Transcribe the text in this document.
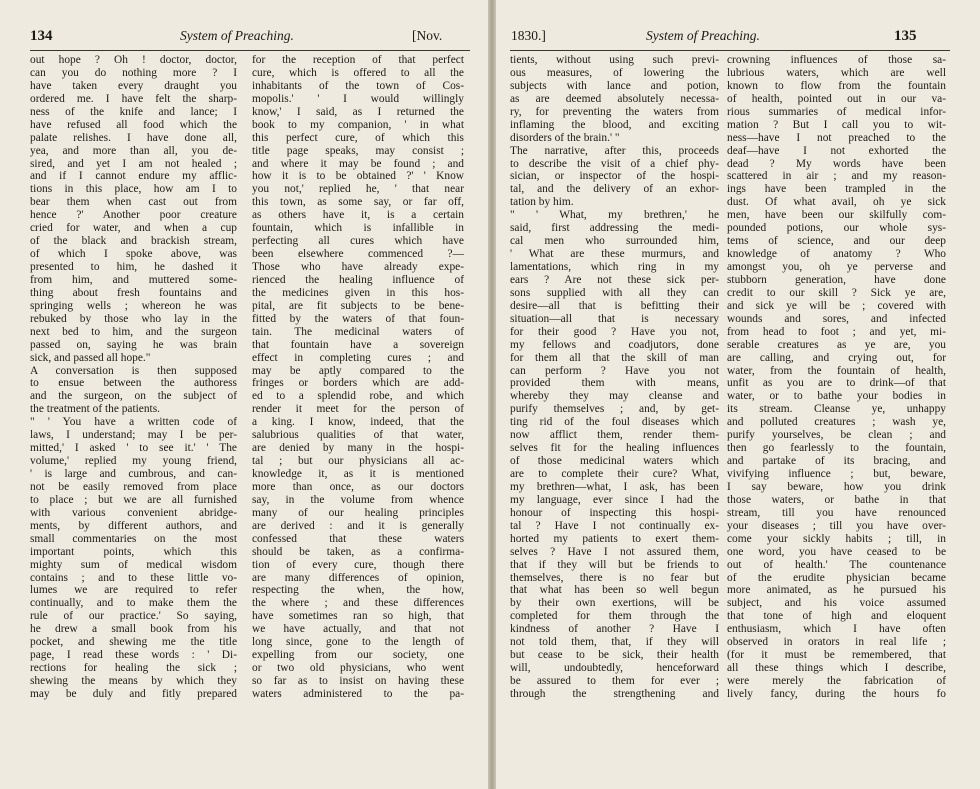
134	System of Preaching.	[Nov.
out hope ? Oh ! doctor, doctor,
can you do nothing more ? I
have taken every draught you
ordered me. I have felt the sharp-
ness of the knife and lance; I
have refused all food which the
palate relishes. I have done all,
yea, and more than all, you de-
sired, and yet I am not healed ;
and if I cannot endure my afflic-
tions in this place, how am I to
bear them when cast out from
hence ?' Another poor creature
cried for water, and when a cup
of the black and brackish stream,
of which I spoke above, was
presented to him, he dashed it
from him, and muttered some-
thing about fresh fountains and
springing wells ; whereon he was
rebuked by those who lay in the
next bed to him, and the surgeon
passed on, saying he was brain
sick, and passed all hope."
A conversation is then supposed
to ensue between the authoress
and the surgeon, on the subject of
the treatment of the patients.
" ' You have a written code of
laws, I understand; may I be per-
mitted,' I asked ' to see it.' ' The
volume,' replied my young friend,
' is large and cumbrous, and can-
not be easily removed from place
to place ; but we are all furnished
with various convenient abridge-
ments, by different authors, and
small commentaries on the most
important points, which this
mighty sum of medical wisdom
contains ; and to these little vo-
lumes we are required to refer
continually, and to make them the
rule of our practice.' So saying,
he drew a small book from his
pocket, and shewing me the title
page, I read these words : ' Di-
rections for healing the sick ;
shewing the means by which they
may be duly and fitly prepared
for the reception of that perfect
cure, which is offered to all the
inhabitants of the town of Cos-
mopolis.' ' I would willingly
know,' I said, as I returned the
book to my companion, ' in what
this perfect cure, of which this
title page speaks, may consist ;
and where it may be found ; and
how it is to be obtained ?' ' Know
you not,' replied he, ' that near
this town, as some say, or far off,
as others have it, is a certain
fountain, which is infallible in
perfecting all cures which have
been elsewhere commenced ?—
Those who have already expe-
rienced the healing influence of
the medicines given in this hos-
pital, are fit subjects to be bene-
fitted by the waters of that foun-
tain. The medicinal waters of
that fountain have a sovereign
effect in completing cures ; and
may be aptly compared to the
fringes or borders which are add-
ed to a splendid robe, and which
render it meet for the person of
a king. I know, indeed, that the
salubrious qualities of that water,
are denied by many in the hospi-
tal ; but our physicians all ac-
knowledge it, as it is mentioned
more than once, as our doctors
say, in the volume from whence
many of our healing principles
are derived : and it is generally
confessed that these waters
should be taken, as a confirma-
tion of every cure, though there
are many differences of opinion,
respecting the when, the how,
the where ; and these differences
have sometimes ran so high, that
we have actually, and that not
long since, gone to the length of
expelling from our society, one
or two old physicians, who went
so far as to insist on having these
waters administered to the pa-
1830.]	System of Preaching.	135
tients, without using such previ-
ous measures, of lowering the
subjects with lance and potion,
as are deemed absolutely necessa-
ry, for preventing the waters from
inflaming the blood, and exciting
disorders of the brain.' "
The narrative, after this, proceeds
to describe the visit of a chief phy-
sician, or inspector of the hospi-
tal, and the delivery of an exhor-
tation by him.
" ' What, my brethren,' he
said, first addressing the medi-
cal men who surrounded him,
' What are these murmurs, and
lamentations, which ring in my
ears ? Are not these sick per-
sons supplied with all they can
desire—all that is befitting their
situation—all that is necessary
for their good ? Have you not,
my fellows and coadjutors, done
for them all that the skill of man
can perform ? Have you not
provided them with means,
whereby they may cleanse and
purify themselves ; and, by get-
ting rid of the foul diseases which
now afflict them, render them-
selves fit for the healing influences
of those medicinal waters which
are to complete their cure? What,
my brethren—what, I ask, has been
my language, ever since I had the
honour of inspecting this hospi-
tal ? Have I not continually ex-
horted my patients to exert them-
selves ? Have I not assured them,
that if they will but be friends to
themselves, there is no fear but
that what has been so well begun
by their own exertions, will be
completed for them through the
kindness of another ? Have I
not told them, that, if they will
but cease to be sick, their health
will, undoubtedly, henceforward
be assured to them for ever ;
through the strengthening and
crowning influences of those sa-
lubrious waters, which are well
known to flow from the fountain
of health, pointed out in our va-
rious summaries of medical infor-
mation ? But I call you to wit-
ness—have I not preached to the
deaf—have I not exhorted the
dead ? My words have been
scattered in air ; and my reason-
ings have been trampled in the
dust. Of what avail, oh ye sick
men, have been our skilfully com-
pounded potions, our whole sys-
tems of science, and our deep
knowledge of anatomy ? Who
amongst you, oh ye perverse and
stubborn generation, have done
credit to our skill ? Sick ye are,
and sick ye will be ; covered with
wounds and sores, and infected
from head to foot ; and yet, mi-
serable creatures as ye are, you
are calling, and crying out, for
water, from the fountain of health,
unfit as you are to drink—of that
water, or to bathe your bodies in
its stream. Cleanse ye, unhappy
and polluted creatures ; wash ye,
purify yourselves, be clean ; and
then go fearlessly to the fountain,
and partake of its bracing, and
vivifying influence ; but, beware,
I say beware, how you drink
those waters, or bathe in that
stream, till you have renounced
your diseases ; till you have over-
come your sickly habits ; till, in
one word, you have ceased to be
out of health.' The countenance
of the erudite physician became
more animated, as he pursued his
subject, and his voice assumed
that tone of high and eloquent
enthusiasm, which I have often
observed in orators in real life ;
(for it must be remembered, that
all these things which I describe,
were merely the fabrication of
lively fancy, during the hours fo
